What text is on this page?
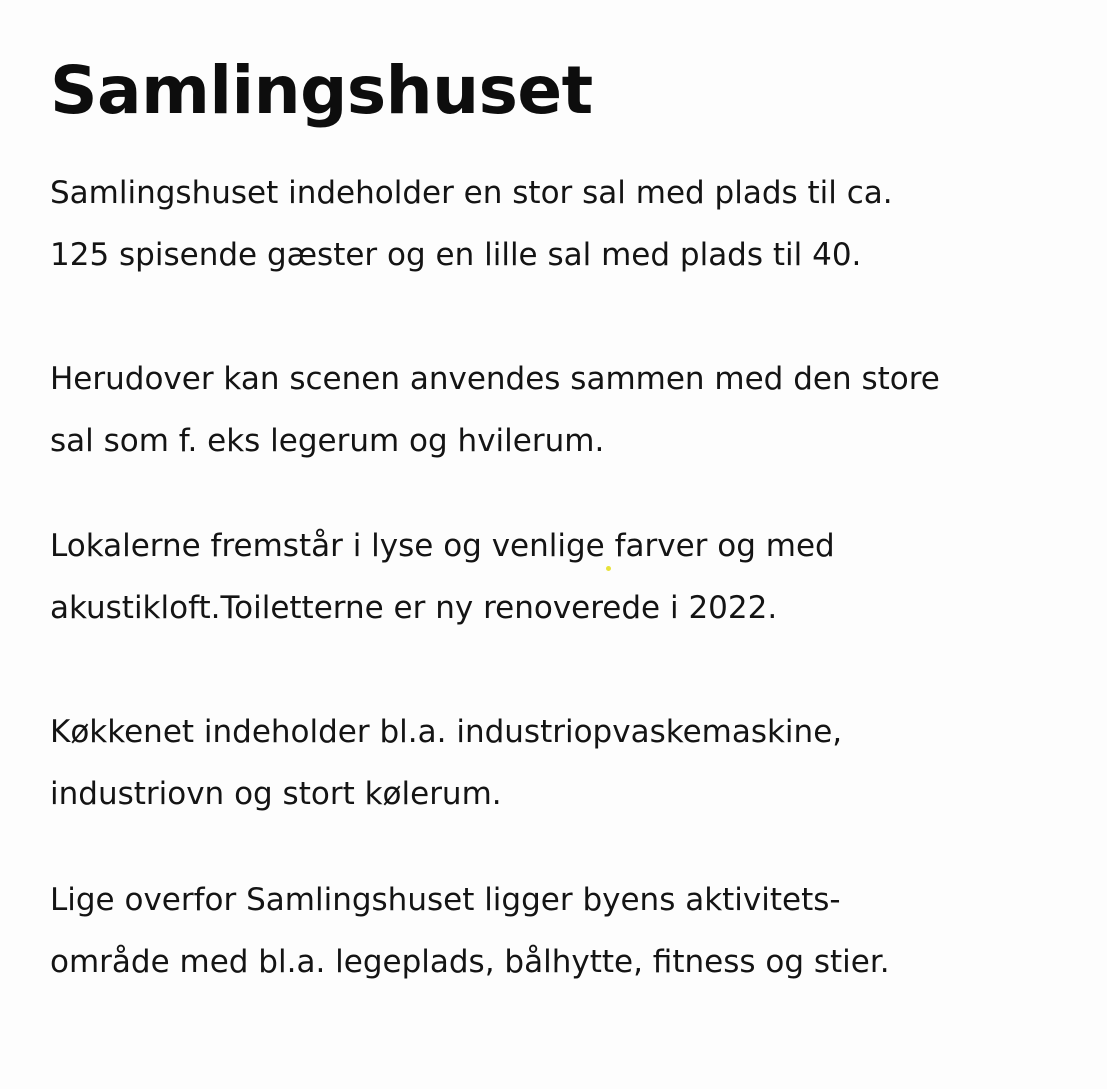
Samlingshuset

Samlingshuset indeholder en stor sal med plads til ca.
125 spisende gæster og en lille sal med plads til 40.

Herudover kan scenen anvendes sammen med den store
sal som f. eks legerum og hvilerum.

Lokalerne fremstår i lyse og venlige farver og med
akustikloft.Toiletterne er ny renoverede i 2022.

Køkkenet indeholder bl.a. industriopvaskemaskine,
industriovn og stort kølerum.

Lige overfor Samlingshuset ligger byens aktivitets-
område med bl.a. legeplads, bålhytte, fitness og stier.
